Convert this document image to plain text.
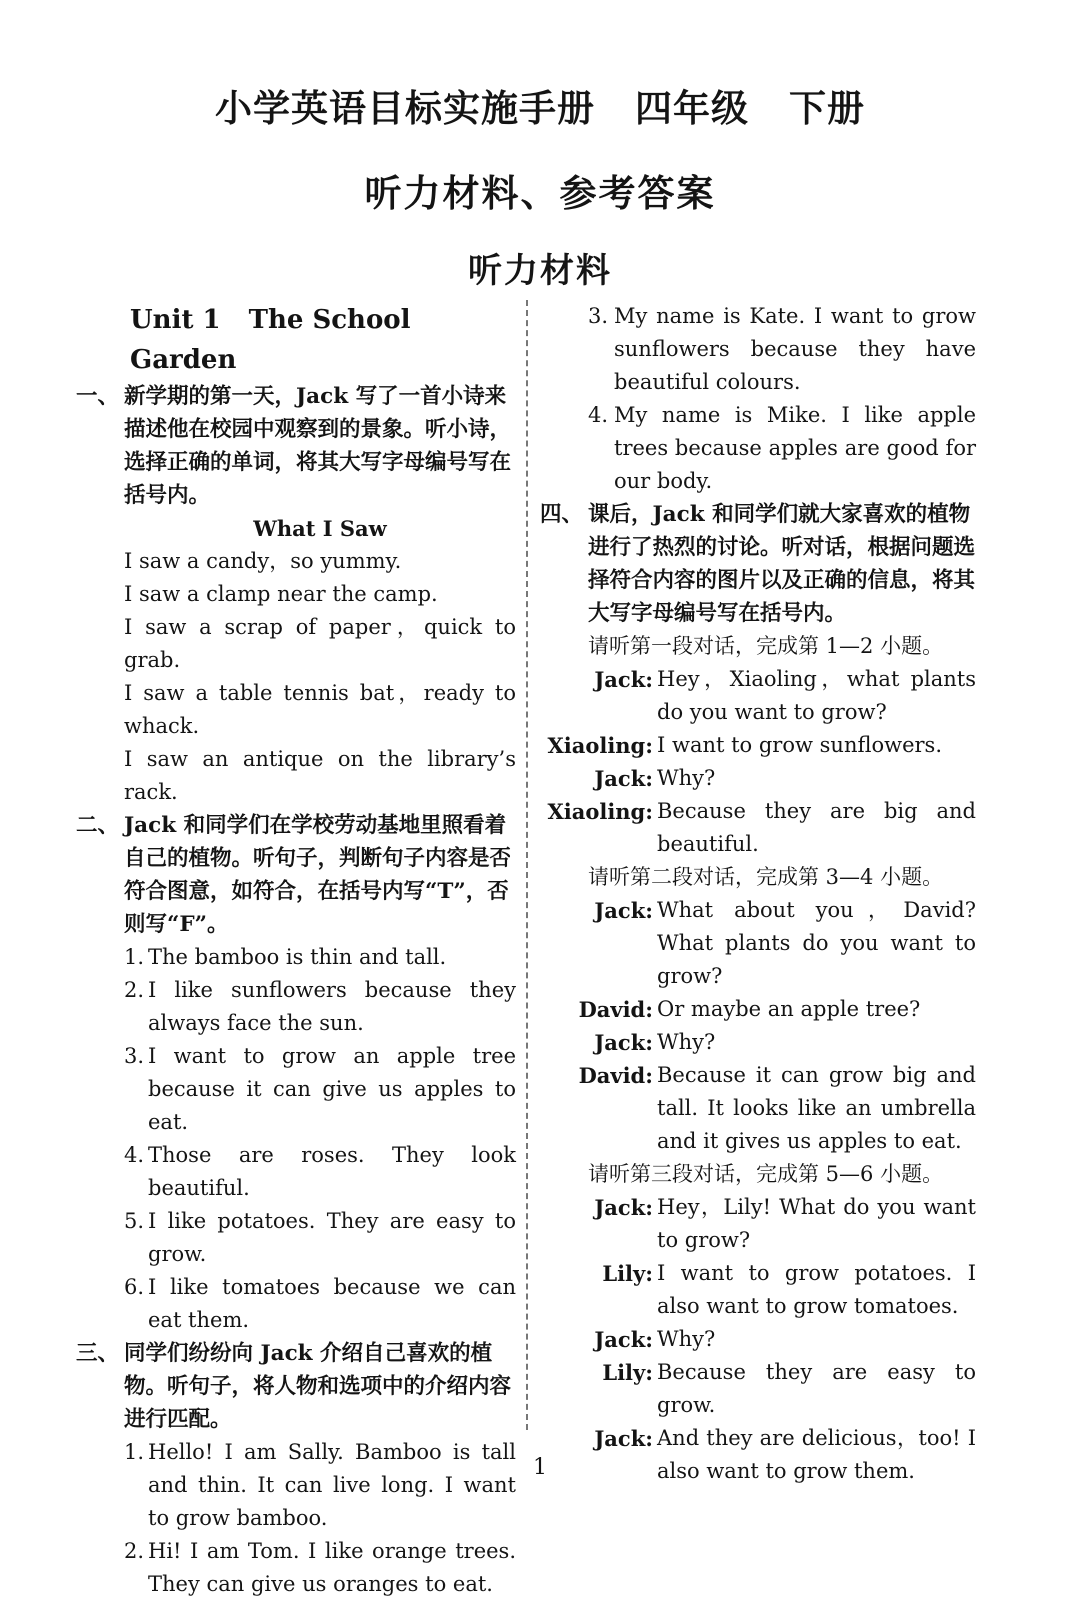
小学英语目标实施手册 四年级 下册
听力材料、参考答案
听力材料
Unit 1 The School Garden
一、 新学期的第一天，Jack 写了一首小诗来描述他在校园中观察到的景象。听小诗，选择正确的单词，将其大写字母编号写在括号内。
What I Saw
I saw a candy，so yummy.
I saw a clamp near the camp.
I saw a scrap of paper，quick to grab.
I saw a table tennis bat，ready to whack.
I saw an antique on the library’s rack.
二、 Jack 和同学们在学校劳动基地里照看着自己的植物。听句子，判断句子内容是否符合图意，如符合，在括号内写“T”，否则写“F”。
1. The bamboo is thin and tall.
2. I like sunflowers because they always face the sun.
3. I want to grow an apple tree because it can give us apples to eat.
4. Those are roses. They look beautiful.
5. I like potatoes. They are easy to grow.
6. I like tomatoes because we can eat them.
三、 同学们纷纷向 Jack 介绍自己喜欢的植物。听句子，将人物和选项中的介绍内容进行匹配。
1. Hello! I am Sally. Bamboo is tall and thin. It can live long. I want to grow bamboo.
2. Hi! I am Tom. I like orange trees. They can give us oranges to eat.
3. My name is Kate. I want to grow sunflowers because they have beautiful colours.
4. My name is Mike. I like apple trees because apples are good for our body.
四、 课后，Jack 和同学们就大家喜欢的植物进行了热烈的讨论。听对话，根据问题选择符合内容的图片以及正确的信息，将其大写字母编号写在括号内。
请听第一段对话，完成第 1—2 小题。
Jack: Hey，Xiaoling，what plants do you want to grow?
Xiaoling: I want to grow sunflowers.
Jack: Why?
Xiaoling: Because they are big and beautiful.
请听第二段对话，完成第 3—4 小题。
Jack: What about you，David? What plants do you want to grow?
David: Or maybe an apple tree?
Jack: Why?
David: Because it can grow big and tall. It looks like an umbrella and it gives us apples to eat.
请听第三段对话，完成第 5—6 小题。
Jack: Hey，Lily! What do you want to grow?
Lily: I want to grow potatoes. I also want to grow tomatoes.
Jack: Why?
Lily: Because they are easy to grow.
Jack: And they are delicious，too! I also want to grow them.
1
